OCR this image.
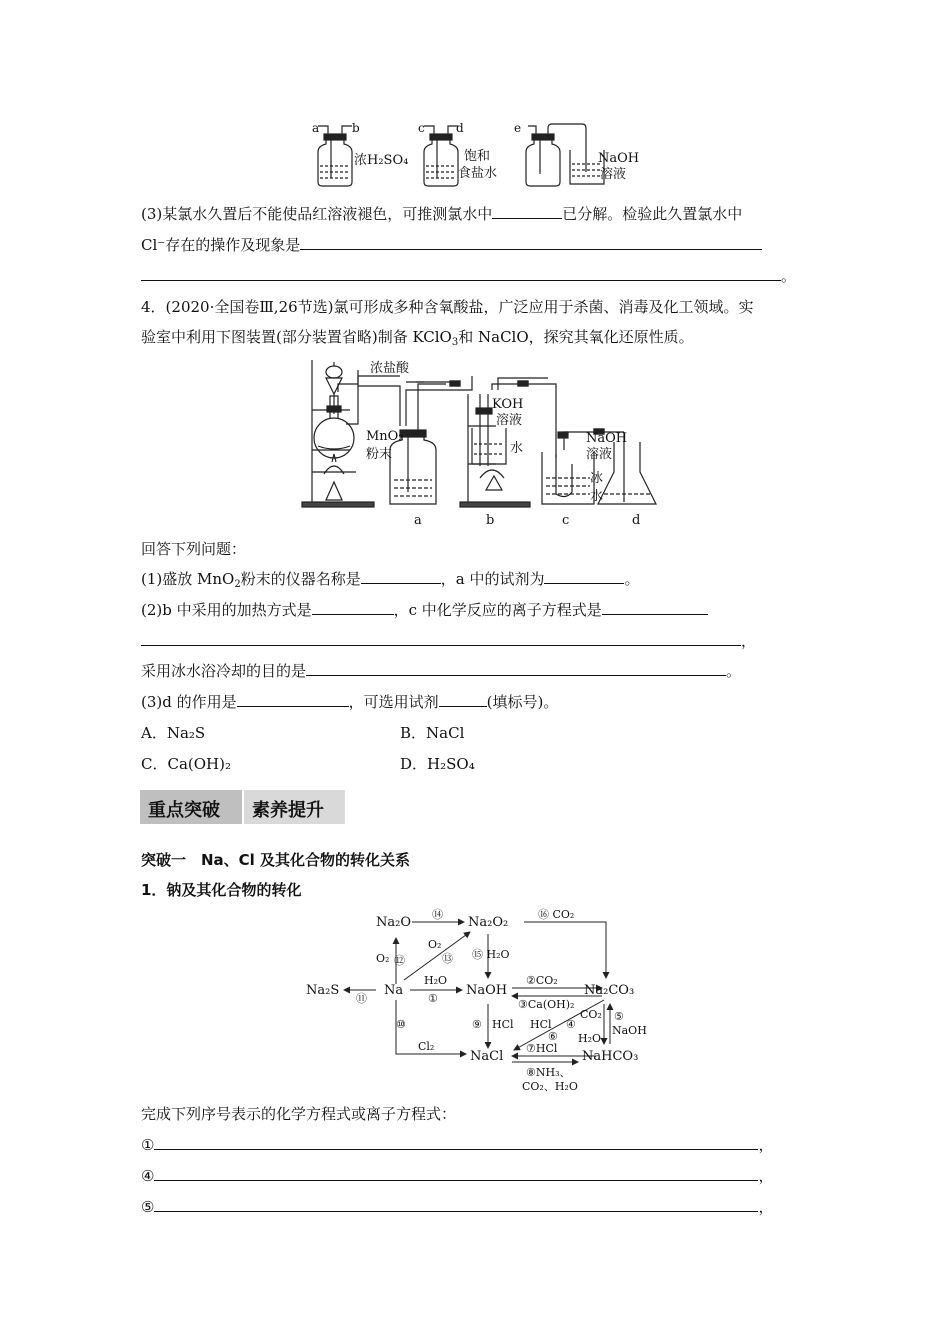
a	b	c	d	e
浓H₂SO₄	饱和
食盐水
NaOH
溶液
(3)某氯水久置后不能使品红溶液褪色，可推测氯水中	已分解。检验此久置氯水中
Cl⁻存在的操作及现象是
。
4．(2020·全国卷Ⅲ,26节选)氯可形成多种含氧酸盐，广泛应用于杀菌、消毒及化工领域。实
验室中利用下图装置(部分装置省略)制备 KClO$_3$和 NaClO，探究其氧化还原性质。
浓盐酸
MnO₂
粉末
KOH
溶液
水
NaOH
溶液
冰
水
a	b	c	d
回答下列问题：
(1)盛放 MnO$_2$粉末的仪器名称是	，a 中的试剂为	。
(2)b 中采用的加热方式是	，c 中化学反应的离子方程式是
，
采用冰水浴冷却的目的是	。
(3)d 的作用是	，可选用试剂	(填标号)。
A．Na₂S	B．NaCl
C．Ca(OH)₂	D．H₂SO₄
重点突破 素养提升
突破一　Na、Cl 及其化合物的转化关系
1．钠及其化合物的转化
Na₂O	Na₂O₂
Na₂S	Na	NaOH	Na₂CO₃
NaCl	NaHCO₃
⑭	⑯ CO₂
O₂
O₂ ⑫	⑬ ⑮ H₂O
H₂O
①
②CO₂
③Ca(OH)₂
⑪
⑩	⑨ HCl HCl
⑥
④
CO₂
H₂O
⑤
NaOH
Cl₂	⑦HCl
⑧NH₃、
CO₂、H₂O
完成下列序号表示的化学方程式或离子方程式：
①	，
④	，
⑤	，
